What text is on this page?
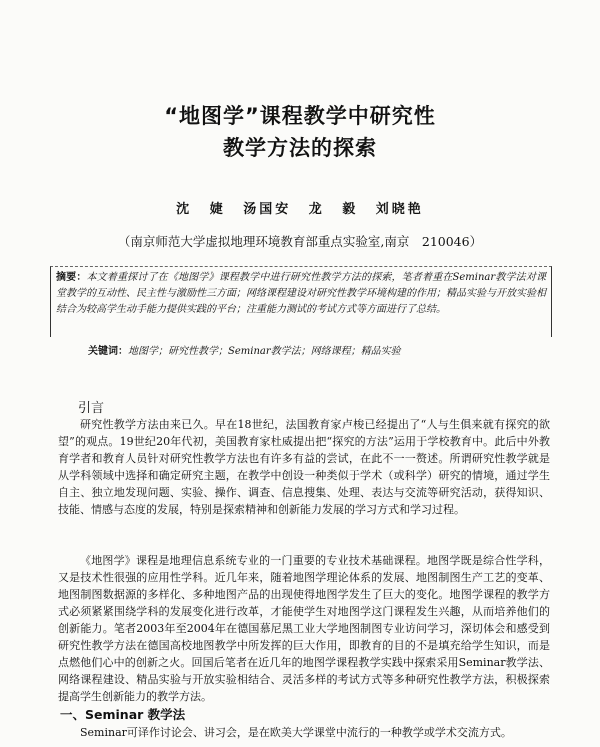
“地图学”课程教学中研究性
教学方法的探索
沈 婕 汤国安 龙 毅 刘晓艳
（南京师范大学虚拟地理环境教育部重点实验室,南京　210046）
摘要：本文着重探讨了在《地图学》课程教学中进行研究性教学方法的探索，笔者着重在Seminar教学法对课堂教学的互动性、民主性与激励性三方面；网络课程建设对研究性教学环境构建的作用；精品实验与开放实验相结合为较高学生动手能力提供实践的平台；注重能力测试的考试方式等方面进行了总结。
关键词：地图学；研究性教学；Seminar教学法；网络课程；精品实验
引言
研究性教学方法由来已久。早在18世纪，法国教育家卢梭已经提出了“人与生俱来就有探究的欲望”的观点。19世纪20年代初，美国教育家杜威提出把“探究的方法”运用于学校教育中。此后中外教育学者和教育人员针对研究性教学方法也有许多有益的尝试，在此不一一赘述。所谓研究性教学就是从学科领域中选择和确定研究主题，在教学中创设一种类似于学术（或科学）研究的情境，通过学生自主、独立地发现问题、实验、操作、调查、信息搜集、处理、表达与交流等研究活动，获得知识、技能、情感与态度的发展，特别是探索精神和创新能力发展的学习方式和学习过程。
《地图学》课程是地理信息系统专业的一门重要的专业技术基础课程。地图学既是综合性学科，又是技术性很强的应用性学科。近几年来，随着地图学理论体系的发展、地图制图生产工艺的变革、地图制图数据源的多样化、多种地图产品的出现使得地图学发生了巨大的变化。地图学课程的教学方式必须紧紧围绕学科的发展变化进行改革，才能使学生对地图学这门课程发生兴趣，从而培养他们的创新能力。笔者2003年至2004年在德国慕尼黑工业大学地图制图专业访问学习，深切体会和感受到研究性教学方法在德国高校地图教学中所发挥的巨大作用，即教育的目的不是填充给学生知识，而是点燃他们心中的创新之火。回国后笔者在近几年的地图学课程教学实践中探索采用Seminar教学法、网络课程建设、精品实验与开放实验相结合、灵活多样的考试方式等多种研究性教学方法，积极探索提高学生创新能力的教学方法。
一、Seminar 教学法
Seminar可译作讨论会、讲习会，是在欧美大学课堂中流行的一种教学或学术交流方式。
